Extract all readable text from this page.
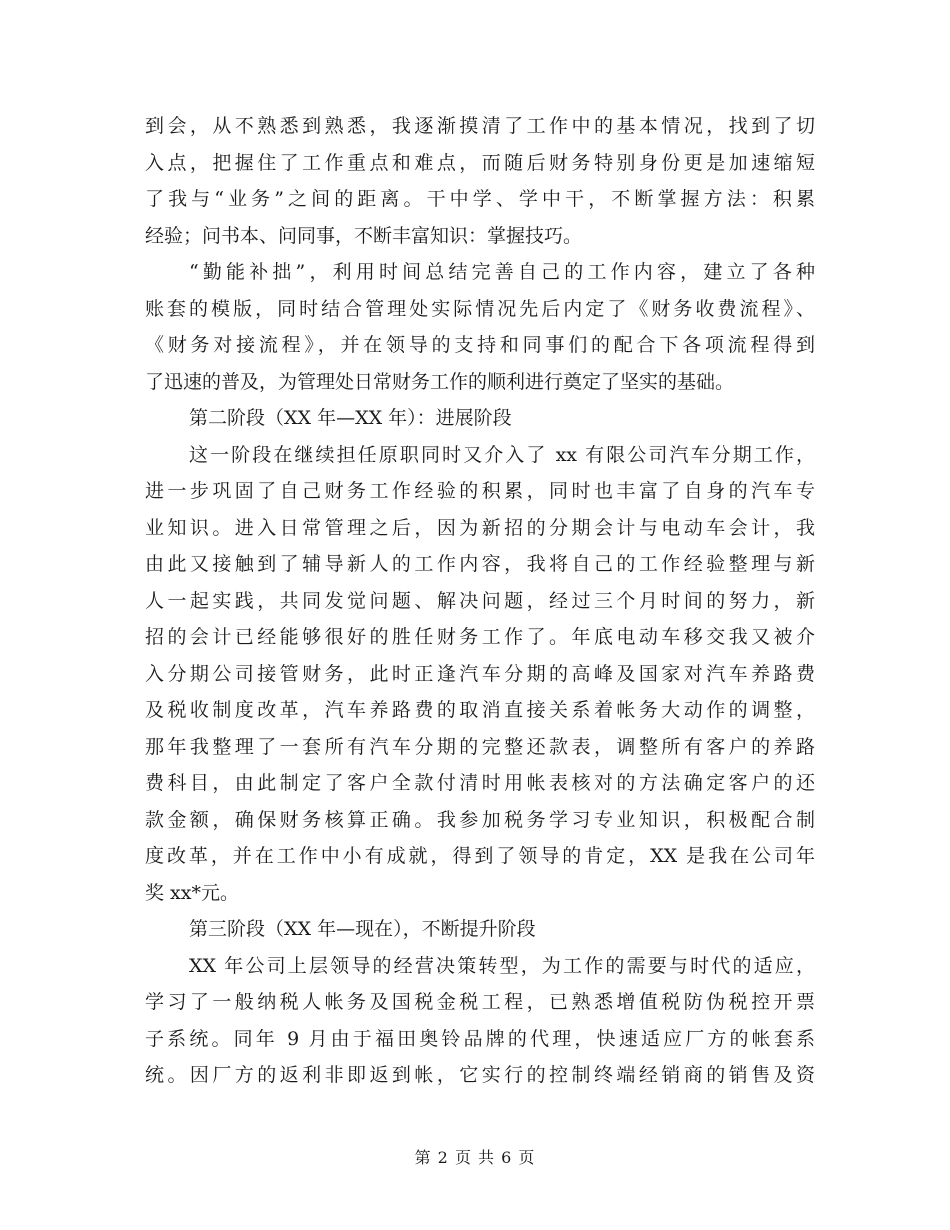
到会，从不熟悉到熟悉，我逐渐摸清了工作中的基本情况，找到了切
入点，把握住了工作重点和难点，而随后财务特别身份更是加速缩短
了我与“业务”之间的距离。干中学、学中干，不断掌握方法：积累
经验；问书本、问同事，不断丰富知识：掌握技巧。
“勤能补拙”，利用时间总结完善自己的工作内容，建立了各种
账套的模版，同时结合管理处实际情况先后内定了《财务收费流程》、
《财务对接流程》，并在领导的支持和同事们的配合下各项流程得到
了迅速的普及，为管理处日常财务工作的顺利进行奠定了坚实的基础。
第二阶段（XX 年—XX 年）：进展阶段
这一阶段在继续担任原职同时又介入了 xx 有限公司汽车分期工作，
进一步巩固了自己财务工作经验的积累，同时也丰富了自身的汽车专
业知识。进入日常管理之后，因为新招的分期会计与电动车会计，我
由此又接触到了辅导新人的工作内容，我将自己的工作经验整理与新
人一起实践，共同发觉问题、解决问题，经过三个月时间的努力，新
招的会计已经能够很好的胜任财务工作了。年底电动车移交我又被介
入分期公司接管财务，此时正逢汽车分期的高峰及国家对汽车养路费
及税收制度改革，汽车养路费的取消直接关系着帐务大动作的调整，
那年我整理了一套所有汽车分期的完整还款表，调整所有客户的养路
费科目，由此制定了客户全款付清时用帐表核对的方法确定客户的还
款金额，确保财务核算正确。我参加税务学习专业知识，积极配合制
度改革，并在工作中小有成就，得到了领导的肯定，XX 是我在公司年
奖 xx*元。
第三阶段（XX 年—现在），不断提升阶段
XX 年公司上层领导的经营决策转型，为工作的需要与时代的适应，
学习了一般纳税人帐务及国税金税工程，已熟悉增值税防伪税控开票
子系统。同年 9 月由于福田奥铃品牌的代理，快速适应厂方的帐套系
统。因厂方的返利非即返到帐，它实行的控制终端经销商的销售及资
第 2 页 共 6 页
